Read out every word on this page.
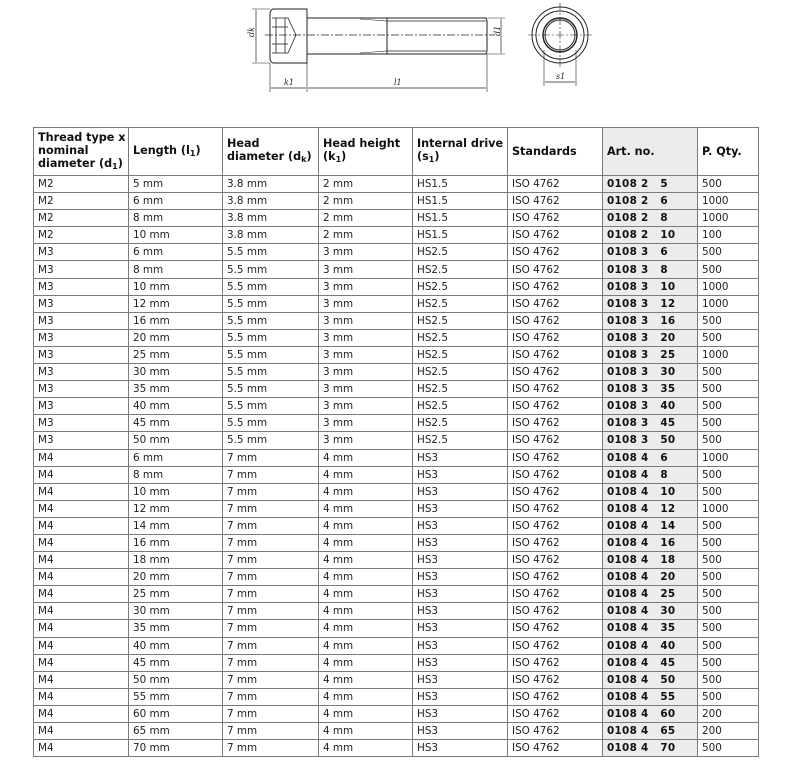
dk	d1
k1	l1
s1
Thread type x nominal diameter $(d_1)$	Length $(l_1)$	Head diameter $(d_k)$	Head height $(k_1)$	Internal drive $(s_1)$	Standards	Art. no.	P. Qty.
M2	5 mm	3.8 mm	2 mm	HS1.5	ISO 4762	0108 2   5	500
M2	6 mm	3.8 mm	2 mm	HS1.5	ISO 4762	0108 2   6	1000
M2	8 mm	3.8 mm	2 mm	HS1.5	ISO 4762	0108 2   8	1000
M2	10 mm	3.8 mm	2 mm	HS1.5	ISO 4762	0108 2   10	100
M3	6 mm	5.5 mm	3 mm	HS2.5	ISO 4762	0108 3   6	500
M3	8 mm	5.5 mm	3 mm	HS2.5	ISO 4762	0108 3   8	500
M3	10 mm	5.5 mm	3 mm	HS2.5	ISO 4762	0108 3   10	1000
M3	12 mm	5.5 mm	3 mm	HS2.5	ISO 4762	0108 3   12	1000
M3	16 mm	5.5 mm	3 mm	HS2.5	ISO 4762	0108 3   16	500
M3	20 mm	5.5 mm	3 mm	HS2.5	ISO 4762	0108 3   20	500
M3	25 mm	5.5 mm	3 mm	HS2.5	ISO 4762	0108 3   25	1000
M3	30 mm	5.5 mm	3 mm	HS2.5	ISO 4762	0108 3   30	500
M3	35 mm	5.5 mm	3 mm	HS2.5	ISO 4762	0108 3   35	500
M3	40 mm	5.5 mm	3 mm	HS2.5	ISO 4762	0108 3   40	500
M3	45 mm	5.5 mm	3 mm	HS2.5	ISO 4762	0108 3   45	500
M3	50 mm	5.5 mm	3 mm	HS2.5	ISO 4762	0108 3   50	500
M4	6 mm	7 mm	4 mm	HS3	ISO 4762	0108 4   6	1000
M4	8 mm	7 mm	4 mm	HS3	ISO 4762	0108 4   8	500
M4	10 mm	7 mm	4 mm	HS3	ISO 4762	0108 4   10	500
M4	12 mm	7 mm	4 mm	HS3	ISO 4762	0108 4   12	1000
M4	14 mm	7 mm	4 mm	HS3	ISO 4762	0108 4   14	500
M4	16 mm	7 mm	4 mm	HS3	ISO 4762	0108 4   16	500
M4	18 mm	7 mm	4 mm	HS3	ISO 4762	0108 4   18	500
M4	20 mm	7 mm	4 mm	HS3	ISO 4762	0108 4   20	500
M4	25 mm	7 mm	4 mm	HS3	ISO 4762	0108 4   25	500
M4	30 mm	7 mm	4 mm	HS3	ISO 4762	0108 4   30	500
M4	35 mm	7 mm	4 mm	HS3	ISO 4762	0108 4   35	500
M4	40 mm	7 mm	4 mm	HS3	ISO 4762	0108 4   40	500
M4	45 mm	7 mm	4 mm	HS3	ISO 4762	0108 4   45	500
M4	50 mm	7 mm	4 mm	HS3	ISO 4762	0108 4   50	500
M4	55 mm	7 mm	4 mm	HS3	ISO 4762	0108 4   55	500
M4	60 mm	7 mm	4 mm	HS3	ISO 4762	0108 4   60	200
M4	65 mm	7 mm	4 mm	HS3	ISO 4762	0108 4   65	200
M4	70 mm	7 mm	4 mm	HS3	ISO 4762	0108 4   70	500
